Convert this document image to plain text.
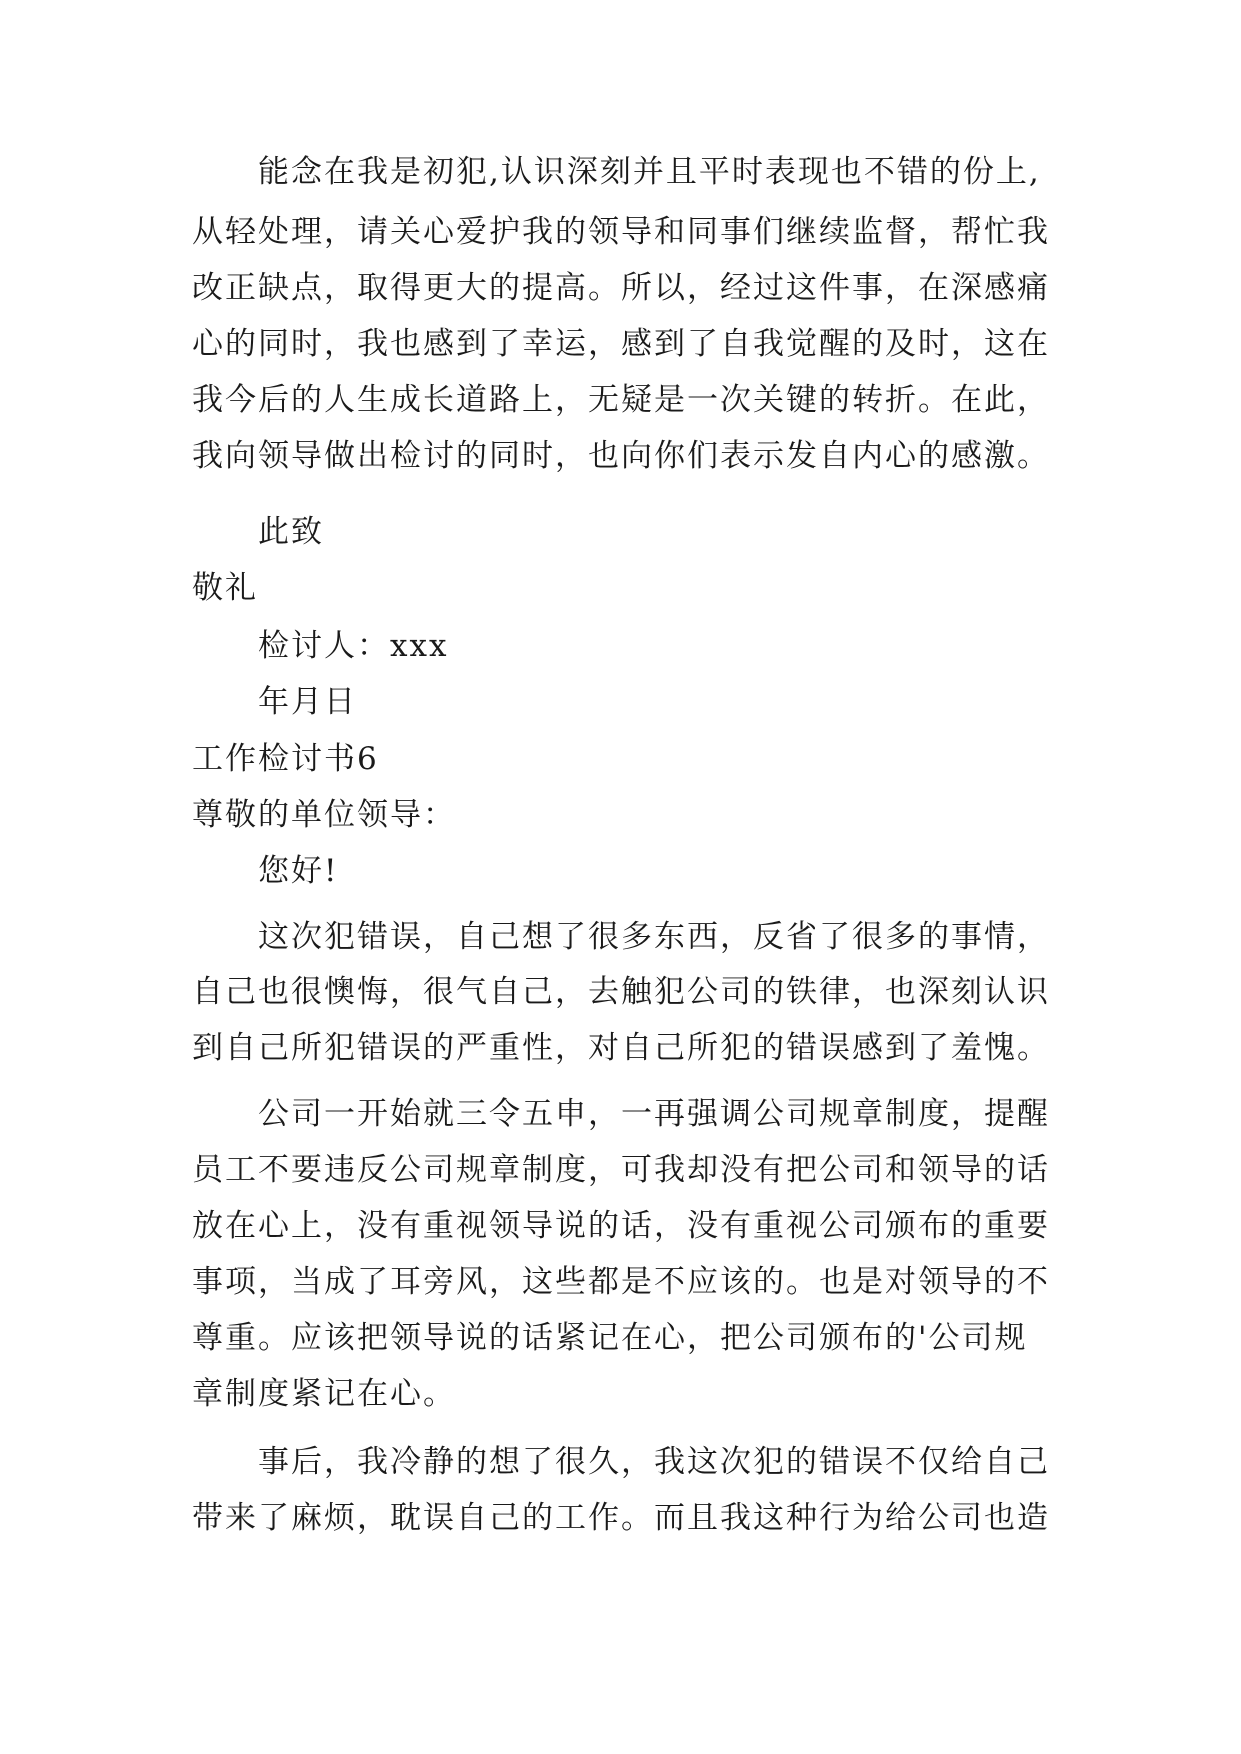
能念在我是初犯,认识深刻并且平时表现也不错的份上,
从轻处理，请关心爱护我的领导和同事们继续监督，帮忙我
改正缺点，取得更大的提高。所以，经过这件事，在深感痛
心的同时，我也感到了幸运，感到了自我觉醒的及时，这在
我今后的人生成长道路上，无疑是一次关键的转折。在此，
我向领导做出检讨的同时，也向你们表示发自内心的感激。
此致
敬礼
检讨人：xxx
年月日
工作检讨书6
尊敬的单位领导：
您好!
这次犯错误，自己想了很多东西，反省了很多的事情，
自己也很懊悔，很气自己，去触犯公司的铁律，也深刻认识
到自己所犯错误的严重性，对自己所犯的错误感到了羞愧。
公司一开始就三令五申，一再强调公司规章制度，提醒
员工不要违反公司规章制度，可我却没有把公司和领导的话
放在心上，没有重视领导说的话，没有重视公司颁布的重要
事项，当成了耳旁风，这些都是不应该的。也是对领导的不
尊重。应该把领导说的话紧记在心，把公司颁布的'公司规
章制度紧记在心。
事后，我冷静的想了很久，我这次犯的错误不仅给自己
带来了麻烦，耽误自己的工作。而且我这种行为给公司也造
